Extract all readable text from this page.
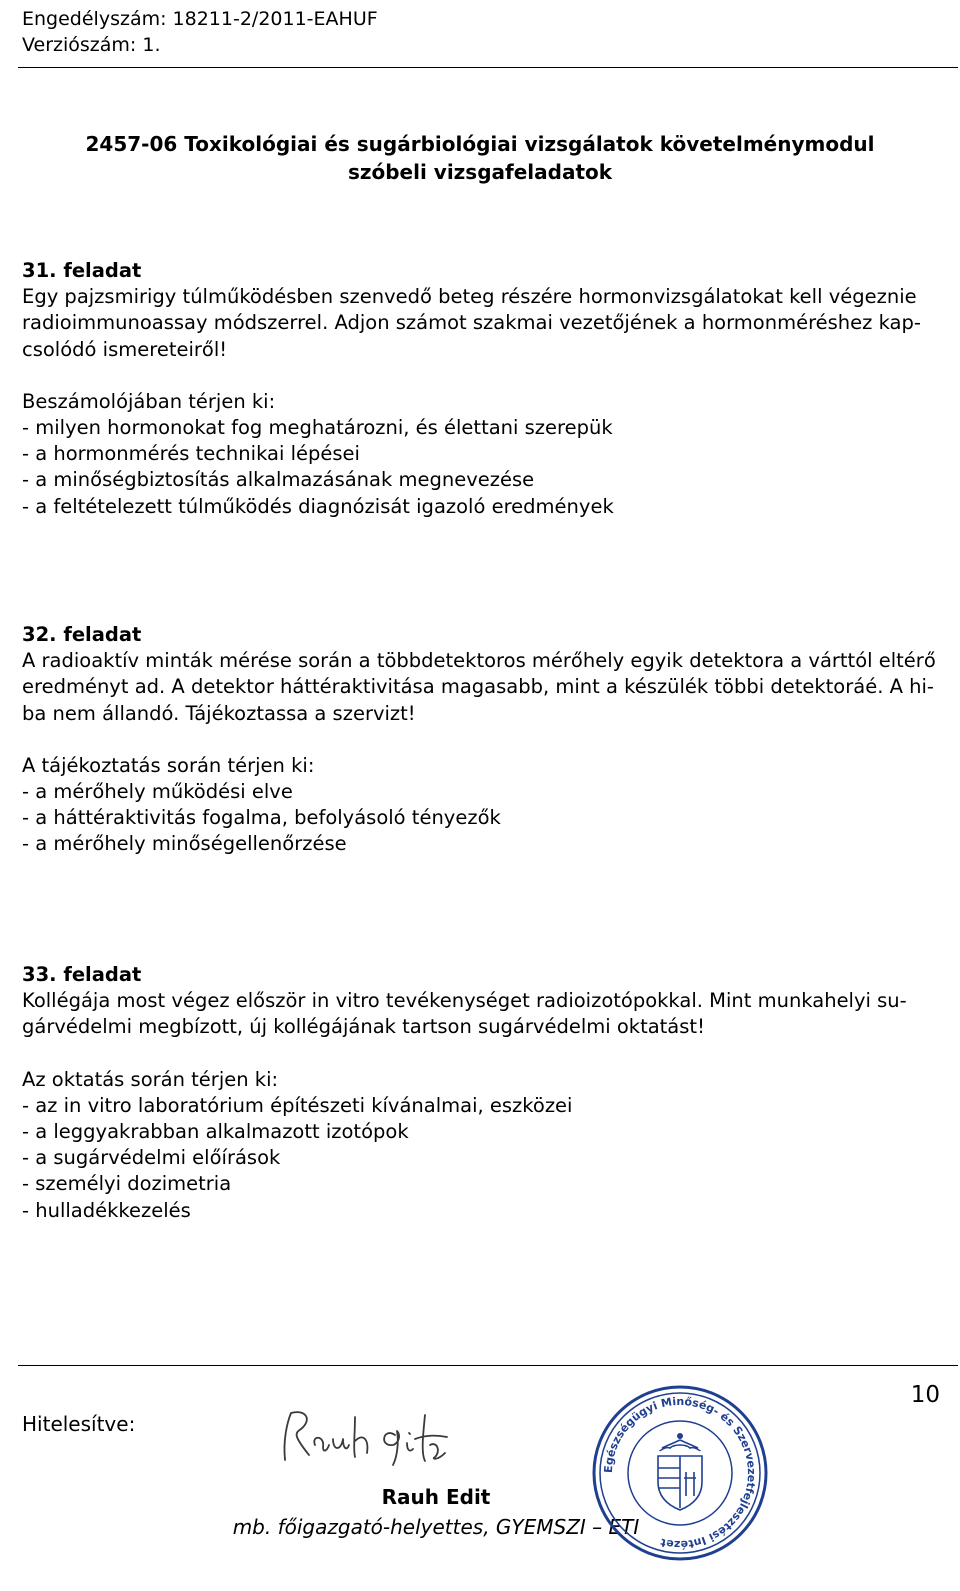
Engedélyszám: 18211-2/2011-EAHUF
Verziószám: 1.
2457-06 Toxikológiai és sugárbiológiai vizsgálatok követelménymodul
szóbeli vizsgafeladatok
31. feladat
Egy pajzsmirigy túlműködésben szenvedő beteg részére hormonvizsgálatokat kell végeznie
radioimmunoassay módszerrel. Adjon számot szakmai vezetőjének a hormonméréshez kap-
csolódó ismereteiről!
Beszámolójában térjen ki:
- milyen hormonokat fog meghatározni, és élettani szerepük
- a hormonmérés technikai lépései
- a minőségbiztosítás alkalmazásának megnevezése
- a feltételezett túlműködés diagnózisát igazoló eredmények
32. feladat
A radioaktív minták mérése során a többdetektoros mérőhely egyik detektora a várttól eltérő
eredményt ad. A detektor háttéraktivitása magasabb, mint a készülék többi detektoráé. A hi-
ba nem állandó. Tájékoztassa a szervizt!
A tájékoztatás során térjen ki:
- a mérőhely működési elve
- a háttéraktivitás fogalma, befolyásoló tényezők
- a mérőhely minőségellenőrzése
33. feladat
Kollégája most végez először in vitro tevékenységet radioizotópokkal. Mint munkahelyi su-
gárvédelmi megbízott, új kollégájának tartson sugárvédelmi oktatást!
Az oktatás során térjen ki:
- az in vitro laboratórium építészeti kívánalmai, eszközei
- a leggyakrabban alkalmazott izotópok
- a sugárvédelmi előírások
- személyi dozimetria
- hulladékkezelés
10
Hitelesítve:
Rauh Edit
mb. főigazgató-helyettes, GYEMSZI – ETI
Egészségügyi Minőség- és Szervezetfejlesztési Intézet
